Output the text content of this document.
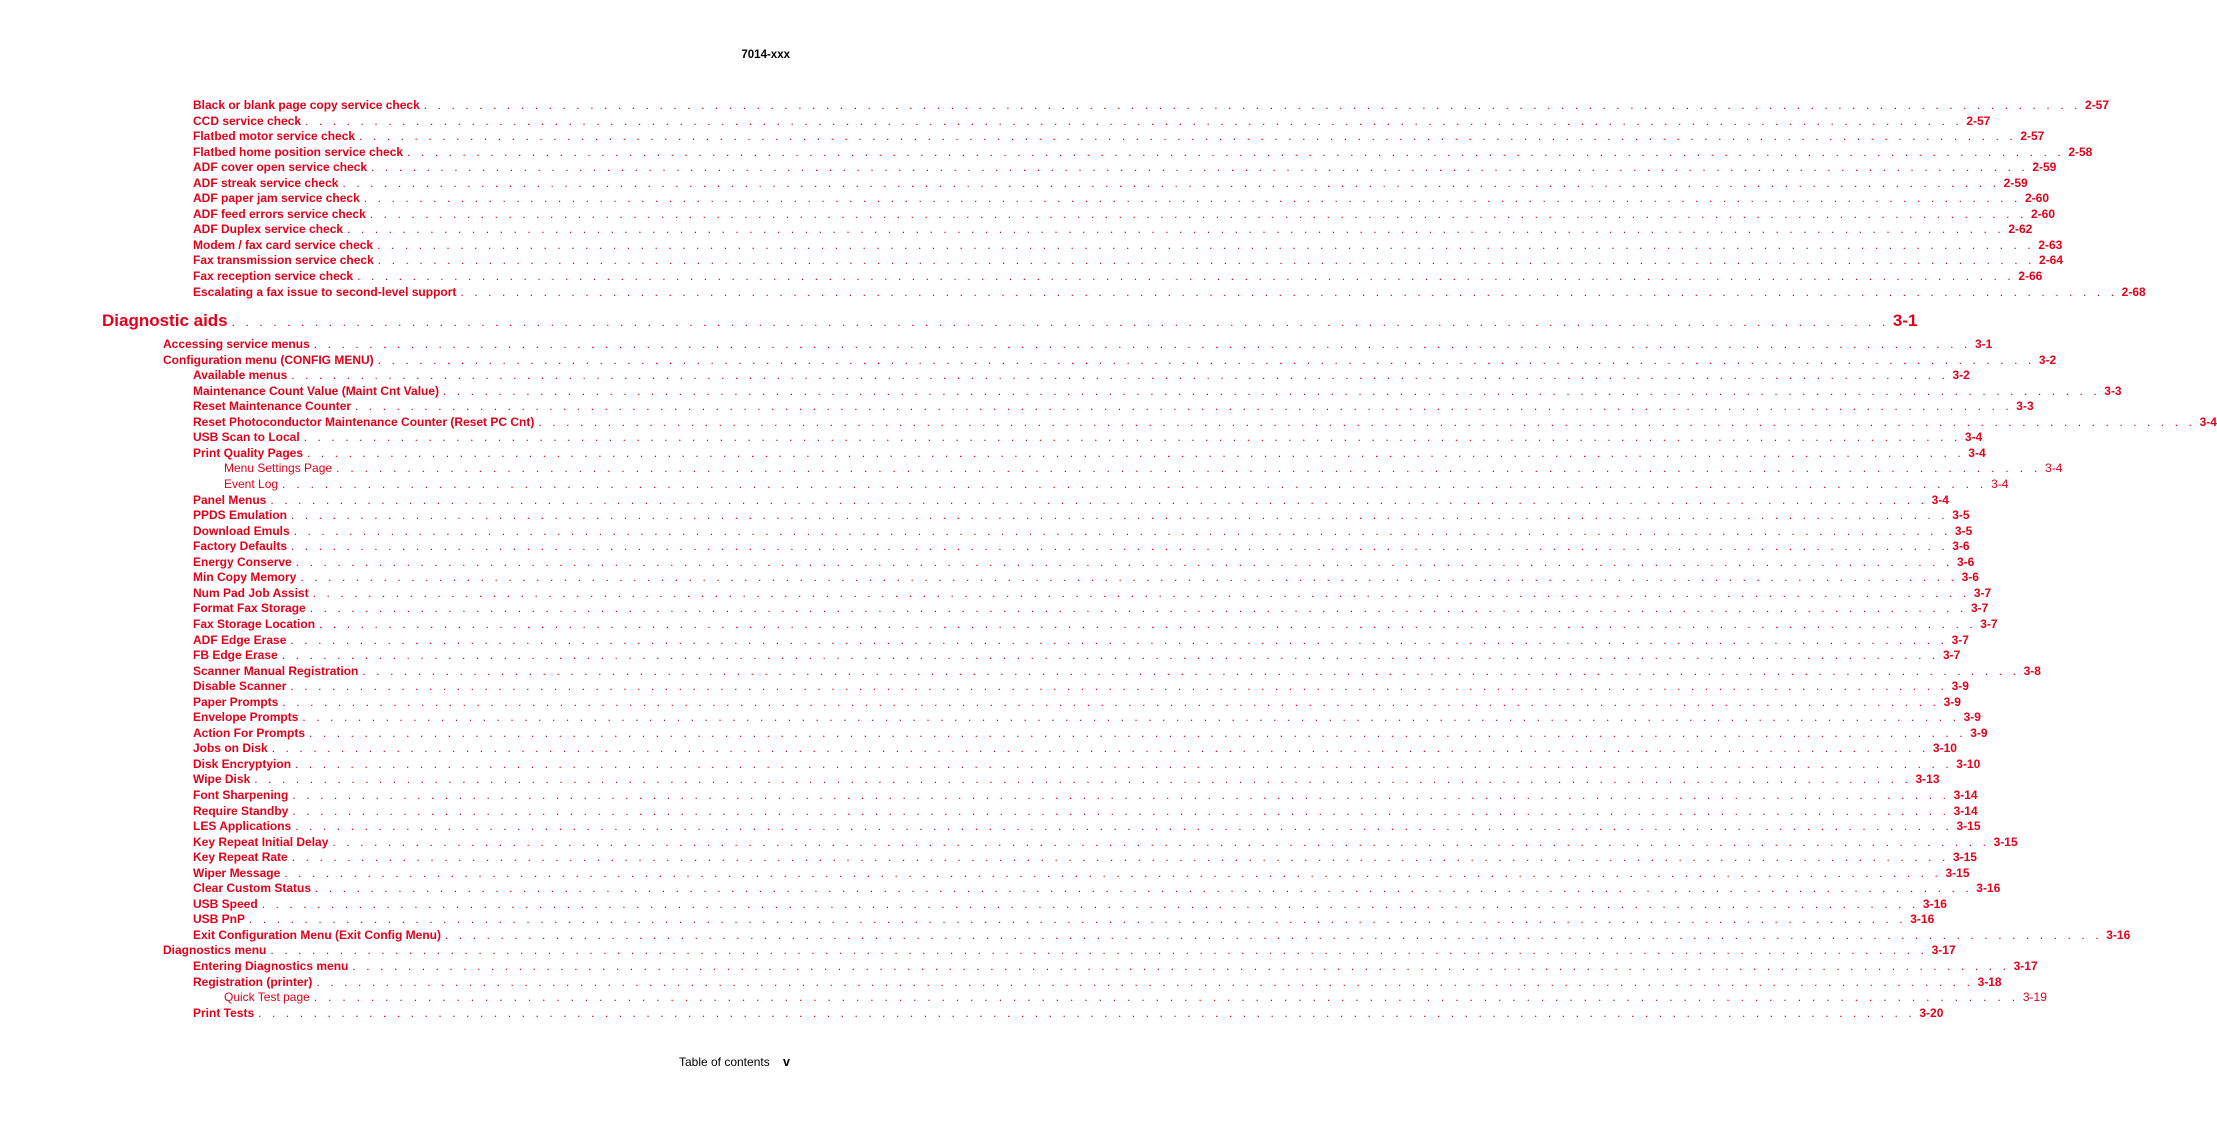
7014-xxx
Black or blank page copy service check . . . . . . . . . . . . . . . . . . . . . . . . . . . . . . . . . . . . . . . . . . . . . . . . . . . . . . . . . . . . . . . . . . . . . . . . . . . . . . . . . . . . . . . . . . . . . . . . . . . . . . . . . . . . . . . . . . . . . . . . 2-57
CCD service check . . . . . . . . . . . . . . . . . . . . . . . . . . . . . . . . . . . . . . . . . . . . . . . . . . . . . . . . . . . . . . . . . . . . . . . . . . . . . . . . . . . . . . . . . . . . . . . . . . . . . . . . . . . . . . . . . . . . . . . . 2-57
Flatbed motor service check . . . . . . . . . . . . . . . . . . . . . . . . . . . . . . . . . . . . . . . . . . . . . . . . . . . . . . . . . . . . . . . . . . . . . . . . . . . . . . . . . . . . . . . . . . . . . . . . . . . . . . . . . . . . . . . . . . . . . . . . 2-57
Flatbed home position service check . . . . . . . . . . . . . . . . . . . . . . . . . . . . . . . . . . . . . . . . . . . . . . . . . . . . . . . . . . . . . . . . . . . . . . . . . . . . . . . . . . . . . . . . . . . . . . . . . . . . . . . . . . . . . . . . . . . . . . . . 2-58
ADF cover open service check . . . . . . . . . . . . . . . . . . . . . . . . . . . . . . . . . . . . . . . . . . . . . . . . . . . . . . . . . . . . . . . . . . . . . . . . . . . . . . . . . . . . . . . . . . . . . . . . . . . . . . . . . . . . . . . . . . . . . . . . 2-59
ADF streak service check . . . . . . . . . . . . . . . . . . . . . . . . . . . . . . . . . . . . . . . . . . . . . . . . . . . . . . . . . . . . . . . . . . . . . . . . . . . . . . . . . . . . . . . . . . . . . . . . . . . . . . . . . . . . . . . . . . . . . . . . 2-59
ADF paper jam service check . . . . . . . . . . . . . . . . . . . . . . . . . . . . . . . . . . . . . . . . . . . . . . . . . . . . . . . . . . . . . . . . . . . . . . . . . . . . . . . . . . . . . . . . . . . . . . . . . . . . . . . . . . . . . . . . . . . . . . . . 2-60
ADF feed errors service check . . . . . . . . . . . . . . . . . . . . . . . . . . . . . . . . . . . . . . . . . . . . . . . . . . . . . . . . . . . . . . . . . . . . . . . . . . . . . . . . . . . . . . . . . . . . . . . . . . . . . . . . . . . . . . . . . . . . . . . . 2-60
ADF Duplex service check . . . . . . . . . . . . . . . . . . . . . . . . . . . . . . . . . . . . . . . . . . . . . . . . . . . . . . . . . . . . . . . . . . . . . . . . . . . . . . . . . . . . . . . . . . . . . . . . . . . . . . . . . . . . . . . . . . . . . . . . 2-62
Modem / fax card service check . . . . . . . . . . . . . . . . . . . . . . . . . . . . . . . . . . . . . . . . . . . . . . . . . . . . . . . . . . . . . . . . . . . . . . . . . . . . . . . . . . . . . . . . . . . . . . . . . . . . . . . . . . . . . . . . . . . . . . . . 2-63
Fax transmission service check . . . . . . . . . . . . . . . . . . . . . . . . . . . . . . . . . . . . . . . . . . . . . . . . . . . . . . . . . . . . . . . . . . . . . . . . . . . . . . . . . . . . . . . . . . . . . . . . . . . . . . . . . . . . . . . . . . . . . . . . 2-64
Fax reception service check . . . . . . . . . . . . . . . . . . . . . . . . . . . . . . . . . . . . . . . . . . . . . . . . . . . . . . . . . . . . . . . . . . . . . . . . . . . . . . . . . . . . . . . . . . . . . . . . . . . . . . . . . . . . . . . . . . . . . . . . 2-66
Escalating a fax issue to second-level support . . . . . . . . . . . . . . . . . . . . . . . . . . . . . . . . . . . . . . . . . . . . . . . . . . . . . . . . . . . . . . . . . . . . . . . . . . . . . . . . . . . . . . . . . . . . . . . . . . . . . . . . . . . . . . . . . . . . . . . . 2-68
Diagnostic aids . . . . . . . . . . . . . . . . . . . . . . . . . . . . . . . . . . . . . . . . . . . . . . . . . . . . . . . . . . . . . . . . . . . . . . . . . . . . . . . . . . . . . . . . . . . . . . . . . . . . . . . . . . . . . . . . . . . . . . . . 3-1
Accessing service menus . . . . . . . . . . . . . . . . . . . . . . . . . . . . . . . . . . . . . . . . . . . . . . . . . . . . . . . . . . . . . . . . . . . . . . . . . . . . . . . . . . . . . . . . . . . . . . . . . . . . . . . . . . . . . . . . . . . . . . . . 3-1
Configuration menu (CONFIG MENU) . . . . . . . . . . . . . . . . . . . . . . . . . . . . . . . . . . . . . . . . . . . . . . . . . . . . . . . . . . . . . . . . . . . . . . . . . . . . . . . . . . . . . . . . . . . . . . . . . . . . . . . . . . . . . . . . . . . . . . . . 3-2
Available menus . . . . . . . . . . . . . . . . . . . . . . . . . . . . . . . . . . . . . . . . . . . . . . . . . . . . . . . . . . . . . . . . . . . . . . . . . . . . . . . . . . . . . . . . . . . . . . . . . . . . . . . . . . . . . . . . . . . . . . . . 3-2
Maintenance Count Value (Maint Cnt Value) . . . . . . . . . . . . . . . . . . . . . . . . . . . . . . . . . . . . . . . . . . . . . . . . . . . . . . . . . . . . . . . . . . . . . . . . . . . . . . . . . . . . . . . . . . . . . . . . . . . . . . . . . . . . . . . . . . . . . . . . 3-3
Reset Maintenance Counter . . . . . . . . . . . . . . . . . . . . . . . . . . . . . . . . . . . . . . . . . . . . . . . . . . . . . . . . . . . . . . . . . . . . . . . . . . . . . . . . . . . . . . . . . . . . . . . . . . . . . . . . . . . . . . . . . . . . . . . . 3-3
Reset Photoconductor Maintenance Counter (Reset PC Cnt) . . . . . . . . . . . . . . . . . . . . . . . . . . . . . . . . . . . . . . . . . . . . . . . . . . . . . . . . . . . . . . . . . . . . . . . . . . . . . . . . . . . . . . . . . . . . . . . . . . . . . . . . . . . . . . . . . . . . . . . . 3-4
USB Scan to Local . . . . . . . . . . . . . . . . . . . . . . . . . . . . . . . . . . . . . . . . . . . . . . . . . . . . . . . . . . . . . . . . . . . . . . . . . . . . . . . . . . . . . . . . . . . . . . . . . . . . . . . . . . . . . . . . . . . . . . . . 3-4
Print Quality Pages . . . . . . . . . . . . . . . . . . . . . . . . . . . . . . . . . . . . . . . . . . . . . . . . . . . . . . . . . . . . . . . . . . . . . . . . . . . . . . . . . . . . . . . . . . . . . . . . . . . . . . . . . . . . . . . . . . . . . . . . 3-4
Menu Settings Page . . . . . . . . . . . . . . . . . . . . . . . . . . . . . . . . . . . . . . . . . . . . . . . . . . . . . . . . . . . . . . . . . . . . . . . . . . . . . . . . . . . . . . . . . . . . . . . . . . . . . . . . . . . . . . . . . . . . . . . . 3-4
Event Log . . . . . . . . . . . . . . . . . . . . . . . . . . . . . . . . . . . . . . . . . . . . . . . . . . . . . . . . . . . . . . . . . . . . . . . . . . . . . . . . . . . . . . . . . . . . . . . . . . . . . . . . . . . . . . . . . . . . . . . . 3-4
Panel Menus . . . . . . . . . . . . . . . . . . . . . . . . . . . . . . . . . . . . . . . . . . . . . . . . . . . . . . . . . . . . . . . . . . . . . . . . . . . . . . . . . . . . . . . . . . . . . . . . . . . . . . . . . . . . . . . . . . . . . . . . 3-4
PPDS Emulation . . . . . . . . . . . . . . . . . . . . . . . . . . . . . . . . . . . . . . . . . . . . . . . . . . . . . . . . . . . . . . . . . . . . . . . . . . . . . . . . . . . . . . . . . . . . . . . . . . . . . . . . . . . . . . . . . . . . . . . . 3-5
Download Emuls . . . . . . . . . . . . . . . . . . . . . . . . . . . . . . . . . . . . . . . . . . . . . . . . . . . . . . . . . . . . . . . . . . . . . . . . . . . . . . . . . . . . . . . . . . . . . . . . . . . . . . . . . . . . . . . . . . . . . . . . 3-5
Factory Defaults . . . . . . . . . . . . . . . . . . . . . . . . . . . . . . . . . . . . . . . . . . . . . . . . . . . . . . . . . . . . . . . . . . . . . . . . . . . . . . . . . . . . . . . . . . . . . . . . . . . . . . . . . . . . . . . . . . . . . . . . 3-6
Energy Conserve . . . . . . . . . . . . . . . . . . . . . . . . . . . . . . . . . . . . . . . . . . . . . . . . . . . . . . . . . . . . . . . . . . . . . . . . . . . . . . . . . . . . . . . . . . . . . . . . . . . . . . . . . . . . . . . . . . . . . . . . 3-6
Min Copy Memory . . . . . . . . . . . . . . . . . . . . . . . . . . . . . . . . . . . . . . . . . . . . . . . . . . . . . . . . . . . . . . . . . . . . . . . . . . . . . . . . . . . . . . . . . . . . . . . . . . . . . . . . . . . . . . . . . . . . . . . . 3-6
Num Pad Job Assist . . . . . . . . . . . . . . . . . . . . . . . . . . . . . . . . . . . . . . . . . . . . . . . . . . . . . . . . . . . . . . . . . . . . . . . . . . . . . . . . . . . . . . . . . . . . . . . . . . . . . . . . . . . . . . . . . . . . . . . . 3-7
Format Fax Storage . . . . . . . . . . . . . . . . . . . . . . . . . . . . . . . . . . . . . . . . . . . . . . . . . . . . . . . . . . . . . . . . . . . . . . . . . . . . . . . . . . . . . . . . . . . . . . . . . . . . . . . . . . . . . . . . . . . . . . . . 3-7
Fax Storage Location . . . . . . . . . . . . . . . . . . . . . . . . . . . . . . . . . . . . . . . . . . . . . . . . . . . . . . . . . . . . . . . . . . . . . . . . . . . . . . . . . . . . . . . . . . . . . . . . . . . . . . . . . . . . . . . . . . . . . . . . 3-7
ADF Edge Erase . . . . . . . . . . . . . . . . . . . . . . . . . . . . . . . . . . . . . . . . . . . . . . . . . . . . . . . . . . . . . . . . . . . . . . . . . . . . . . . . . . . . . . . . . . . . . . . . . . . . . . . . . . . . . . . . . . . . . . . . 3-7
FB Edge Erase . . . . . . . . . . . . . . . . . . . . . . . . . . . . . . . . . . . . . . . . . . . . . . . . . . . . . . . . . . . . . . . . . . . . . . . . . . . . . . . . . . . . . . . . . . . . . . . . . . . . . . . . . . . . . . . . . . . . . . . . 3-7
Scanner Manual Registration . . . . . . . . . . . . . . . . . . . . . . . . . . . . . . . . . . . . . . . . . . . . . . . . . . . . . . . . . . . . . . . . . . . . . . . . . . . . . . . . . . . . . . . . . . . . . . . . . . . . . . . . . . . . . . . . . . . . . . . . 3-8
Disable Scanner . . . . . . . . . . . . . . . . . . . . . . . . . . . . . . . . . . . . . . . . . . . . . . . . . . . . . . . . . . . . . . . . . . . . . . . . . . . . . . . . . . . . . . . . . . . . . . . . . . . . . . . . . . . . . . . . . . . . . . . . 3-9
Paper Prompts . . . . . . . . . . . . . . . . . . . . . . . . . . . . . . . . . . . . . . . . . . . . . . . . . . . . . . . . . . . . . . . . . . . . . . . . . . . . . . . . . . . . . . . . . . . . . . . . . . . . . . . . . . . . . . . . . . . . . . . . 3-9
Envelope Prompts . . . . . . . . . . . . . . . . . . . . . . . . . . . . . . . . . . . . . . . . . . . . . . . . . . . . . . . . . . . . . . . . . . . . . . . . . . . . . . . . . . . . . . . . . . . . . . . . . . . . . . . . . . . . . . . . . . . . . . . . 3-9
Action For Prompts . . . . . . . . . . . . . . . . . . . . . . . . . . . . . . . . . . . . . . . . . . . . . . . . . . . . . . . . . . . . . . . . . . . . . . . . . . . . . . . . . . . . . . . . . . . . . . . . . . . . . . . . . . . . . . . . . . . . . . . . 3-9
Jobs on Disk . . . . . . . . . . . . . . . . . . . . . . . . . . . . . . . . . . . . . . . . . . . . . . . . . . . . . . . . . . . . . . . . . . . . . . . . . . . . . . . . . . . . . . . . . . . . . . . . . . . . . . . . . . . . . . . . . . . . . . . . 3-10
Disk Encryptyion . . . . . . . . . . . . . . . . . . . . . . . . . . . . . . . . . . . . . . . . . . . . . . . . . . . . . . . . . . . . . . . . . . . . . . . . . . . . . . . . . . . . . . . . . . . . . . . . . . . . . . . . . . . . . . . . . . . . . . . . 3-10
Wipe Disk . . . . . . . . . . . . . . . . . . . . . . . . . . . . . . . . . . . . . . . . . . . . . . . . . . . . . . . . . . . . . . . . . . . . . . . . . . . . . . . . . . . . . . . . . . . . . . . . . . . . . . . . . . . . . . . . . . . . . . . . 3-13
Font Sharpening . . . . . . . . . . . . . . . . . . . . . . . . . . . . . . . . . . . . . . . . . . . . . . . . . . . . . . . . . . . . . . . . . . . . . . . . . . . . . . . . . . . . . . . . . . . . . . . . . . . . . . . . . . . . . . . . . . . . . . . . 3-14
Require Standby . . . . . . . . . . . . . . . . . . . . . . . . . . . . . . . . . . . . . . . . . . . . . . . . . . . . . . . . . . . . . . . . . . . . . . . . . . . . . . . . . . . . . . . . . . . . . . . . . . . . . . . . . . . . . . . . . . . . . . . . 3-14
LES Applications . . . . . . . . . . . . . . . . . . . . . . . . . . . . . . . . . . . . . . . . . . . . . . . . . . . . . . . . . . . . . . . . . . . . . . . . . . . . . . . . . . . . . . . . . . . . . . . . . . . . . . . . . . . . . . . . . . . . . . . . 3-15
Key Repeat Initial Delay . . . . . . . . . . . . . . . . . . . . . . . . . . . . . . . . . . . . . . . . . . . . . . . . . . . . . . . . . . . . . . . . . . . . . . . . . . . . . . . . . . . . . . . . . . . . . . . . . . . . . . . . . . . . . . . . . . . . . . . . 3-15
Key Repeat Rate . . . . . . . . . . . . . . . . . . . . . . . . . . . . . . . . . . . . . . . . . . . . . . . . . . . . . . . . . . . . . . . . . . . . . . . . . . . . . . . . . . . . . . . . . . . . . . . . . . . . . . . . . . . . . . . . . . . . . . . . 3-15
Wiper Message . . . . . . . . . . . . . . . . . . . . . . . . . . . . . . . . . . . . . . . . . . . . . . . . . . . . . . . . . . . . . . . . . . . . . . . . . . . . . . . . . . . . . . . . . . . . . . . . . . . . . . . . . . . . . . . . . . . . . . . . 3-15
Clear Custom Status . . . . . . . . . . . . . . . . . . . . . . . . . . . . . . . . . . . . . . . . . . . . . . . . . . . . . . . . . . . . . . . . . . . . . . . . . . . . . . . . . . . . . . . . . . . . . . . . . . . . . . . . . . . . . . . . . . . . . . . . 3-16
USB Speed . . . . . . . . . . . . . . . . . . . . . . . . . . . . . . . . . . . . . . . . . . . . . . . . . . . . . . . . . . . . . . . . . . . . . . . . . . . . . . . . . . . . . . . . . . . . . . . . . . . . . . . . . . . . . . . . . . . . . . . . 3-16
USB PnP . . . . . . . . . . . . . . . . . . . . . . . . . . . . . . . . . . . . . . . . . . . . . . . . . . . . . . . . . . . . . . . . . . . . . . . . . . . . . . . . . . . . . . . . . . . . . . . . . . . . . . . . . . . . . . . . . . . . . . . . 3-16
Exit Configuration Menu (Exit Config Menu) . . . . . . . . . . . . . . . . . . . . . . . . . . . . . . . . . . . . . . . . . . . . . . . . . . . . . . . . . . . . . . . . . . . . . . . . . . . . . . . . . . . . . . . . . . . . . . . . . . . . . . . . . . . . . . . . . . . . . . . . 3-16
Diagnostics menu . . . . . . . . . . . . . . . . . . . . . . . . . . . . . . . . . . . . . . . . . . . . . . . . . . . . . . . . . . . . . . . . . . . . . . . . . . . . . . . . . . . . . . . . . . . . . . . . . . . . . . . . . . . . . . . . . . . . . . . . 3-17
Entering Diagnostics menu . . . . . . . . . . . . . . . . . . . . . . . . . . . . . . . . . . . . . . . . . . . . . . . . . . . . . . . . . . . . . . . . . . . . . . . . . . . . . . . . . . . . . . . . . . . . . . . . . . . . . . . . . . . . . . . . . . . . . . . . 3-17
Registration (printer) . . . . . . . . . . . . . . . . . . . . . . . . . . . . . . . . . . . . . . . . . . . . . . . . . . . . . . . . . . . . . . . . . . . . . . . . . . . . . . . . . . . . . . . . . . . . . . . . . . . . . . . . . . . . . . . . . . . . . . . . 3-18
Quick Test page . . . . . . . . . . . . . . . . . . . . . . . . . . . . . . . . . . . . . . . . . . . . . . . . . . . . . . . . . . . . . . . . . . . . . . . . . . . . . . . . . . . . . . . . . . . . . . . . . . . . . . . . . . . . . . . . . . . . . . . . 3-19
Print Tests . . . . . . . . . . . . . . . . . . . . . . . . . . . . . . . . . . . . . . . . . . . . . . . . . . . . . . . . . . . . . . . . . . . . . . . . . . . . . . . . . . . . . . . . . . . . . . . . . . . . . . . . . . . . . . . . . . . . . . . . 3-20
Table of contents v
